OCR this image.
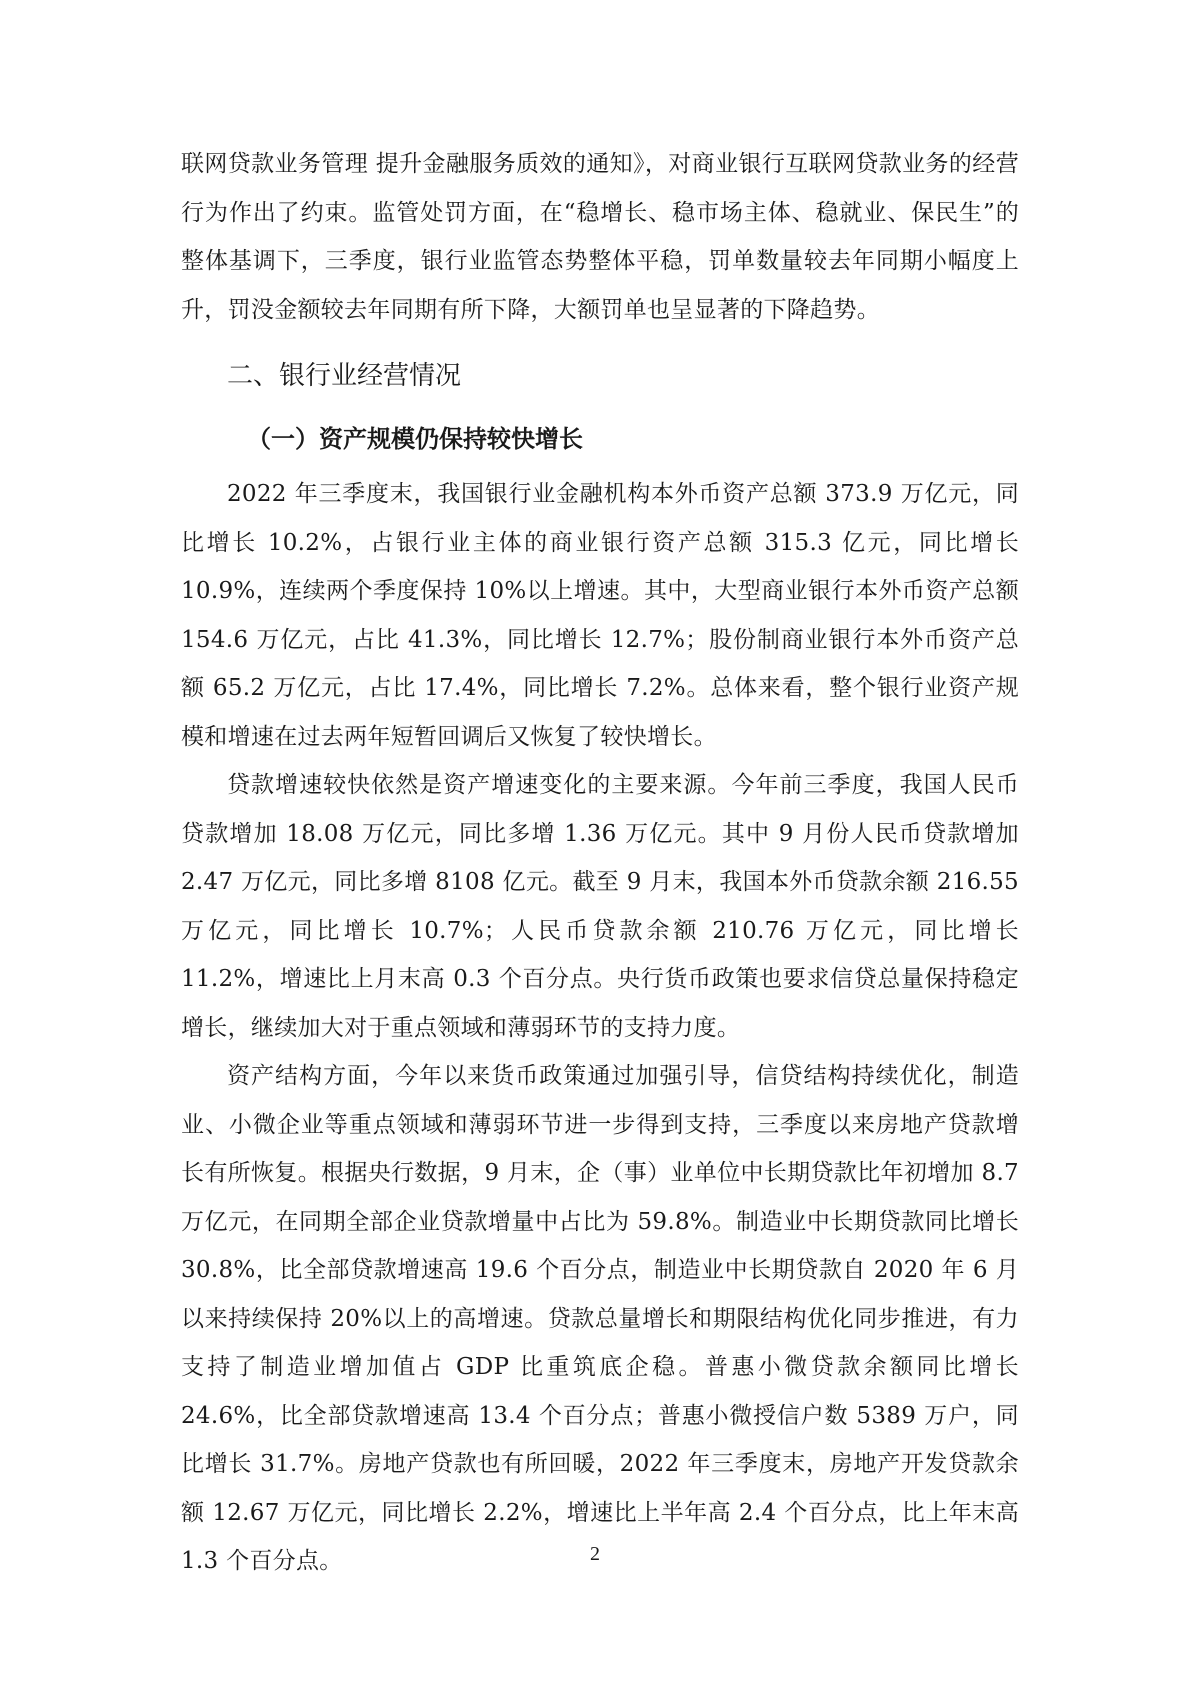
联网贷款业务管理 提升金融服务质效的通知》，对商业银行互联网贷款业务的经营行为作出了约束。监管处罚方面，在“稳增长、稳市场主体、稳就业、保民生”的整体基调下，三季度，银行业监管态势整体平稳，罚单数量较去年同期小幅度上升，罚没金额较去年同期有所下降，大额罚单也呈显著的下降趋势。

二、银行业经营情况
（一）资产规模仍保持较快增长

2022 年三季度末，我国银行业金融机构本外币资产总额 373.9 万亿元，同比增长 10.2%，占银行业主体的商业银行资产总额 315.3 亿元，同比增长 10.9%，连续两个季度保持 10%以上增速。其中，大型商业银行本外币资产总额 154.6 万亿元，占比 41.3%，同比增长 12.7%；股份制商业银行本外币资产总额 65.2 万亿元，占比 17.4%，同比增长 7.2%。总体来看，整个银行业资产规模和增速在过去两年短暂回调后又恢复了较快增长。

贷款增速较快依然是资产增速变化的主要来源。今年前三季度，我国人民币贷款增加 18.08 万亿元，同比多增 1.36 万亿元。其中 9 月份人民币贷款增加 2.47 万亿元，同比多增 8108 亿元。截至 9 月末，我国本外币贷款余额 216.55 万亿元，同比增长 10.7%；人民币贷款余额 210.76 万亿元，同比增长 11.2%，增速比上月末高 0.3 个百分点。央行货币政策也要求信贷总量保持稳定增长，继续加大对于重点领域和薄弱环节的支持力度。

资产结构方面，今年以来货币政策通过加强引导，信贷结构持续优化，制造业、小微企业等重点领域和薄弱环节进一步得到支持，三季度以来房地产贷款增长有所恢复。根据央行数据，9 月末，企（事）业单位中长期贷款比年初增加 8.7 万亿元，在同期全部企业贷款增量中占比为 59.8%。制造业中长期贷款同比增长 30.8%，比全部贷款增速高 19.6 个百分点，制造业中长期贷款自 2020 年 6 月以来持续保持 20%以上的高增速。贷款总量增长和期限结构优化同步推进，有力支持了制造业增加值占 GDP 比重筑底企稳。普惠小微贷款余额同比增长 24.6%，比全部贷款增速高 13.4 个百分点；普惠小微授信户数 5389 万户，同比增长 31.7%。房地产贷款也有所回暖，2022 年三季度末，房地产开发贷款余额 12.67 万亿元，同比增长 2.2%，增速比上半年高 2.4 个百分点，比上年末高 1.3 个百分点。	2
